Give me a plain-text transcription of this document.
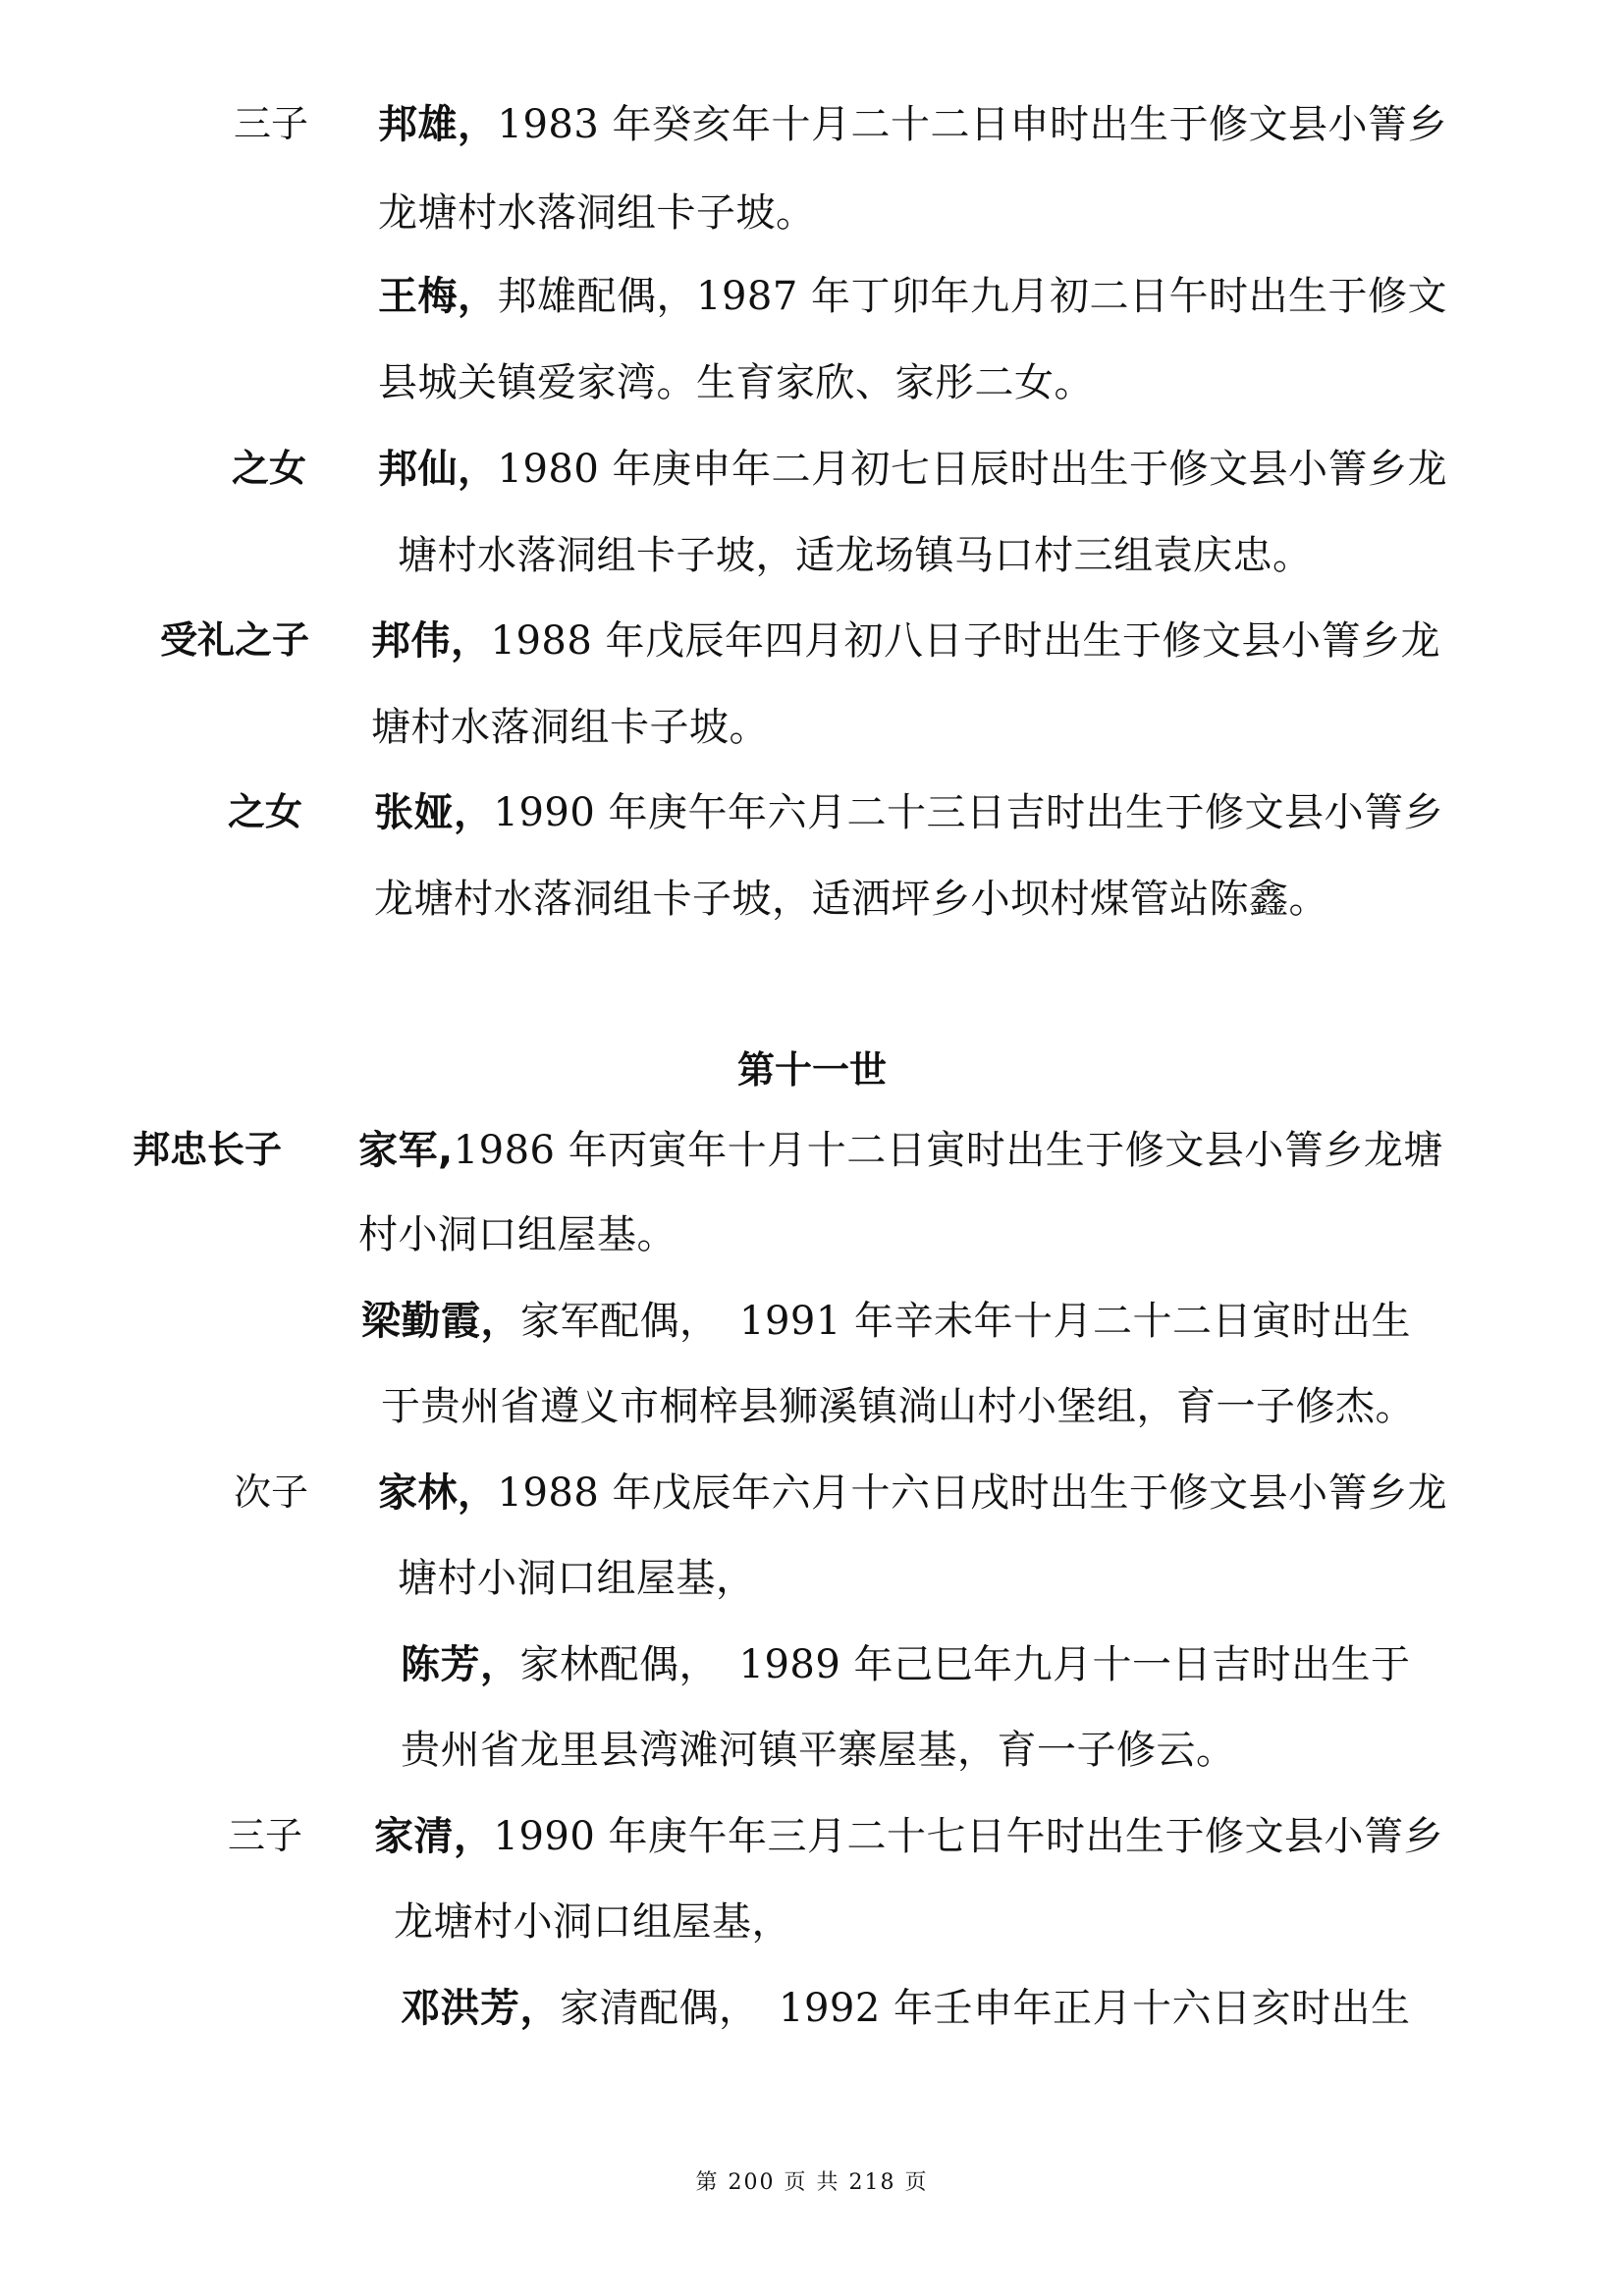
三子 邦雄，1983 年癸亥年十月二十二日申时出生于修文县小箐乡
龙塘村水落洞组卡子坡。
王梅，邦雄配偶，1987 年丁卯年九月初二日午时出生于修文
县城关镇爱家湾。生育家欣、家彤二女。
之女 邦仙，1980 年庚申年二月初七日辰时出生于修文县小箐乡龙
塘村水落洞组卡子坡，适龙场镇马口村三组袁庆忠。
受礼之子 邦伟，1988 年戊辰年四月初八日子时出生于修文县小箐乡龙
塘村水落洞组卡子坡。
之女 张娅，1990 年庚午年六月二十三日吉时出生于修文县小箐乡
龙塘村水落洞组卡子坡，适洒坪乡小坝村煤管站陈鑫。
第十一世
邦忠长子 家军,1986 年丙寅年十月十二日寅时出生于修文县小箐乡龙塘
村小洞口组屋基。
梁勤霞，家军配偶，　1991 年辛未年十月二十二日寅时出生
于贵州省遵义市桐梓县狮溪镇淌山村小堡组，育一子修杰。
次子 家林，1988 年戊辰年六月十六日戌时出生于修文县小箐乡龙
塘村小洞口组屋基，
陈芳，家林配偶，　1989 年己巳年九月十一日吉时出生于
贵州省龙里县湾滩河镇平寨屋基，育一子修云。
三子 家清，1990 年庚午年三月二十七日午时出生于修文县小箐乡
龙塘村小洞口组屋基，
邓洪芳，家清配偶，　1992 年壬申年正月十六日亥时出生
第 200 页 共 218 页
